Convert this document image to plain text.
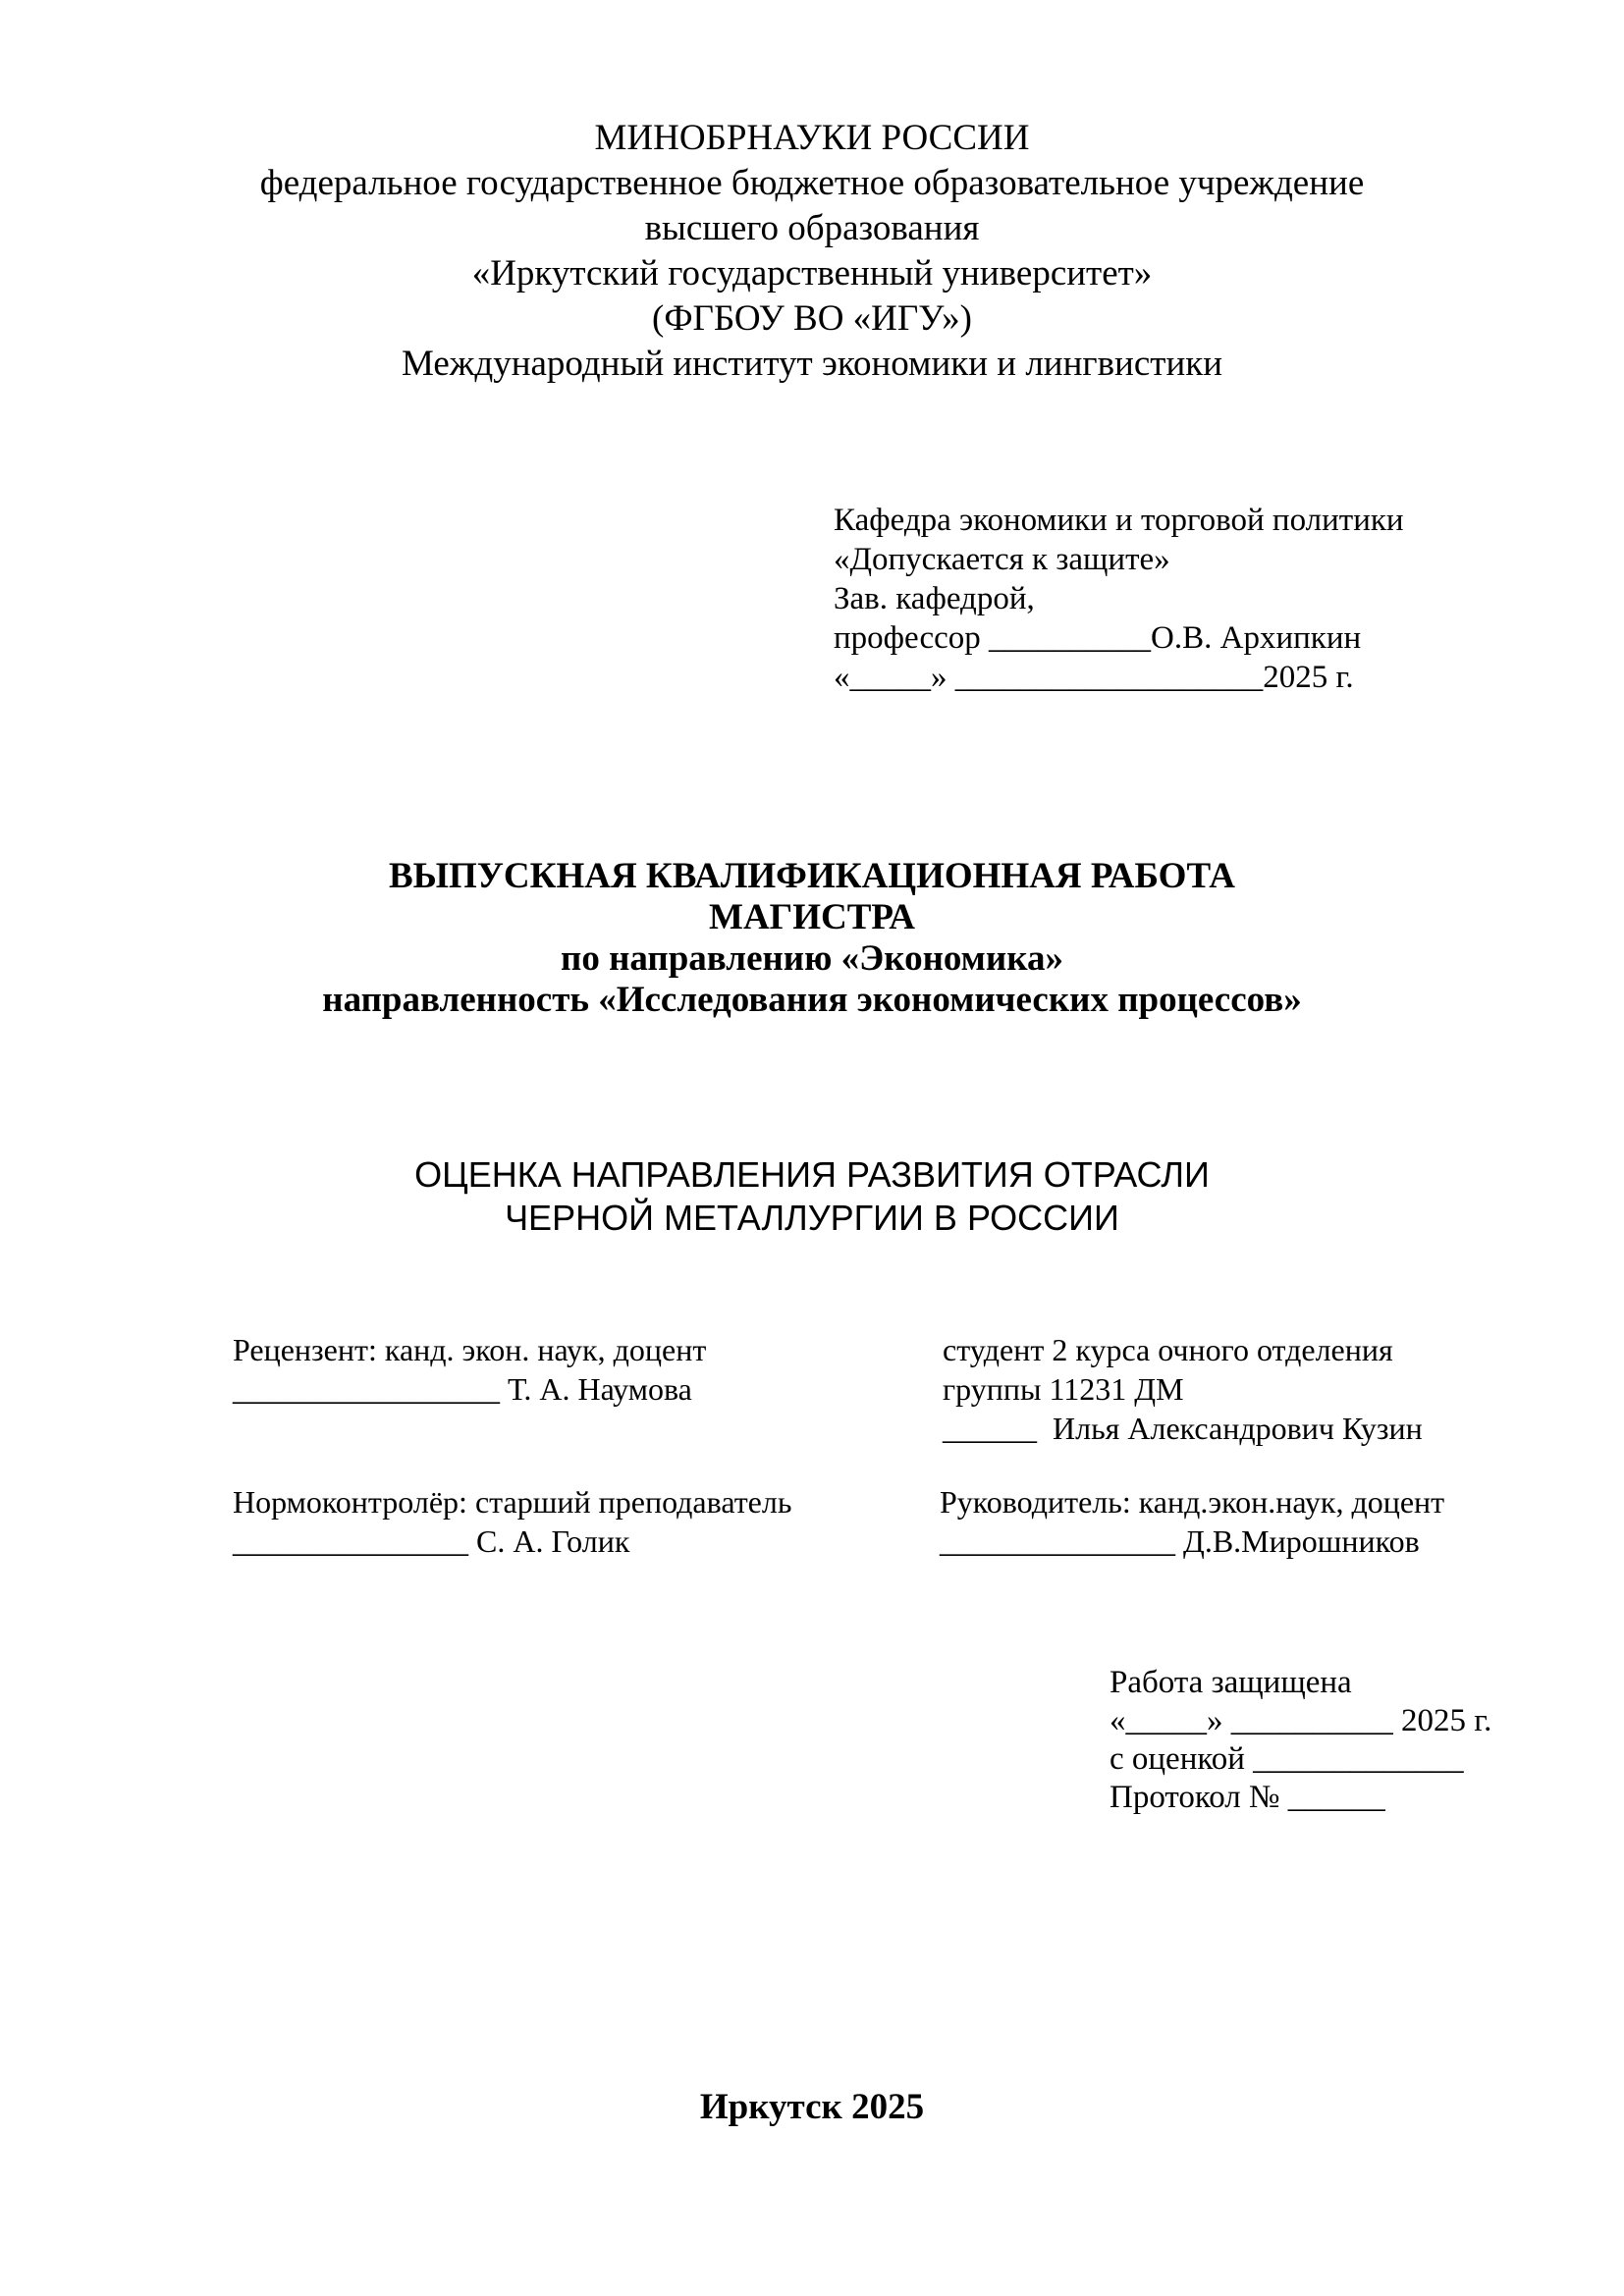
МИНОБРНАУКИ РОССИИ
федеральное государственное бюджетное образовательное учреждение
высшего образования
«Иркутский государственный университет»
(ФГБОУ ВО «ИГУ»)
Международный институт экономики и лингвистики
Кафедра экономики и торговой политики
«Допускается к защите»
Зав. кафедрой,
профессор __________О.В. Архипкин
«_____» ___________________2025 г.
ВЫПУСКНАЯ КВАЛИФИКАЦИОННАЯ РАБОТА
МАГИСТРА
по направлению «Экономика»
направленность «Исследования экономических процессов»
ОЦЕНКА НАПРАВЛЕНИЯ РАЗВИТИЯ ОТРАСЛИ
ЧЕРНОЙ МЕТАЛЛУРГИИ В РОССИИ
Рецензент: канд. экон. наук, доцент
_________________ Т. А. Наумова
студент 2 курса очного отделения
группы 11231 ДМ
______  Илья Александрович Кузин
Нормоконтролёр: старший преподаватель
_______________ С. А. Голик
Руководитель: канд.экон.наук, доцент
_______________ Д.В.Мирошников
Работа защищена
«_____» __________ 2025 г.
с оценкой _____________
Протокол № ______
Иркутск 2025
